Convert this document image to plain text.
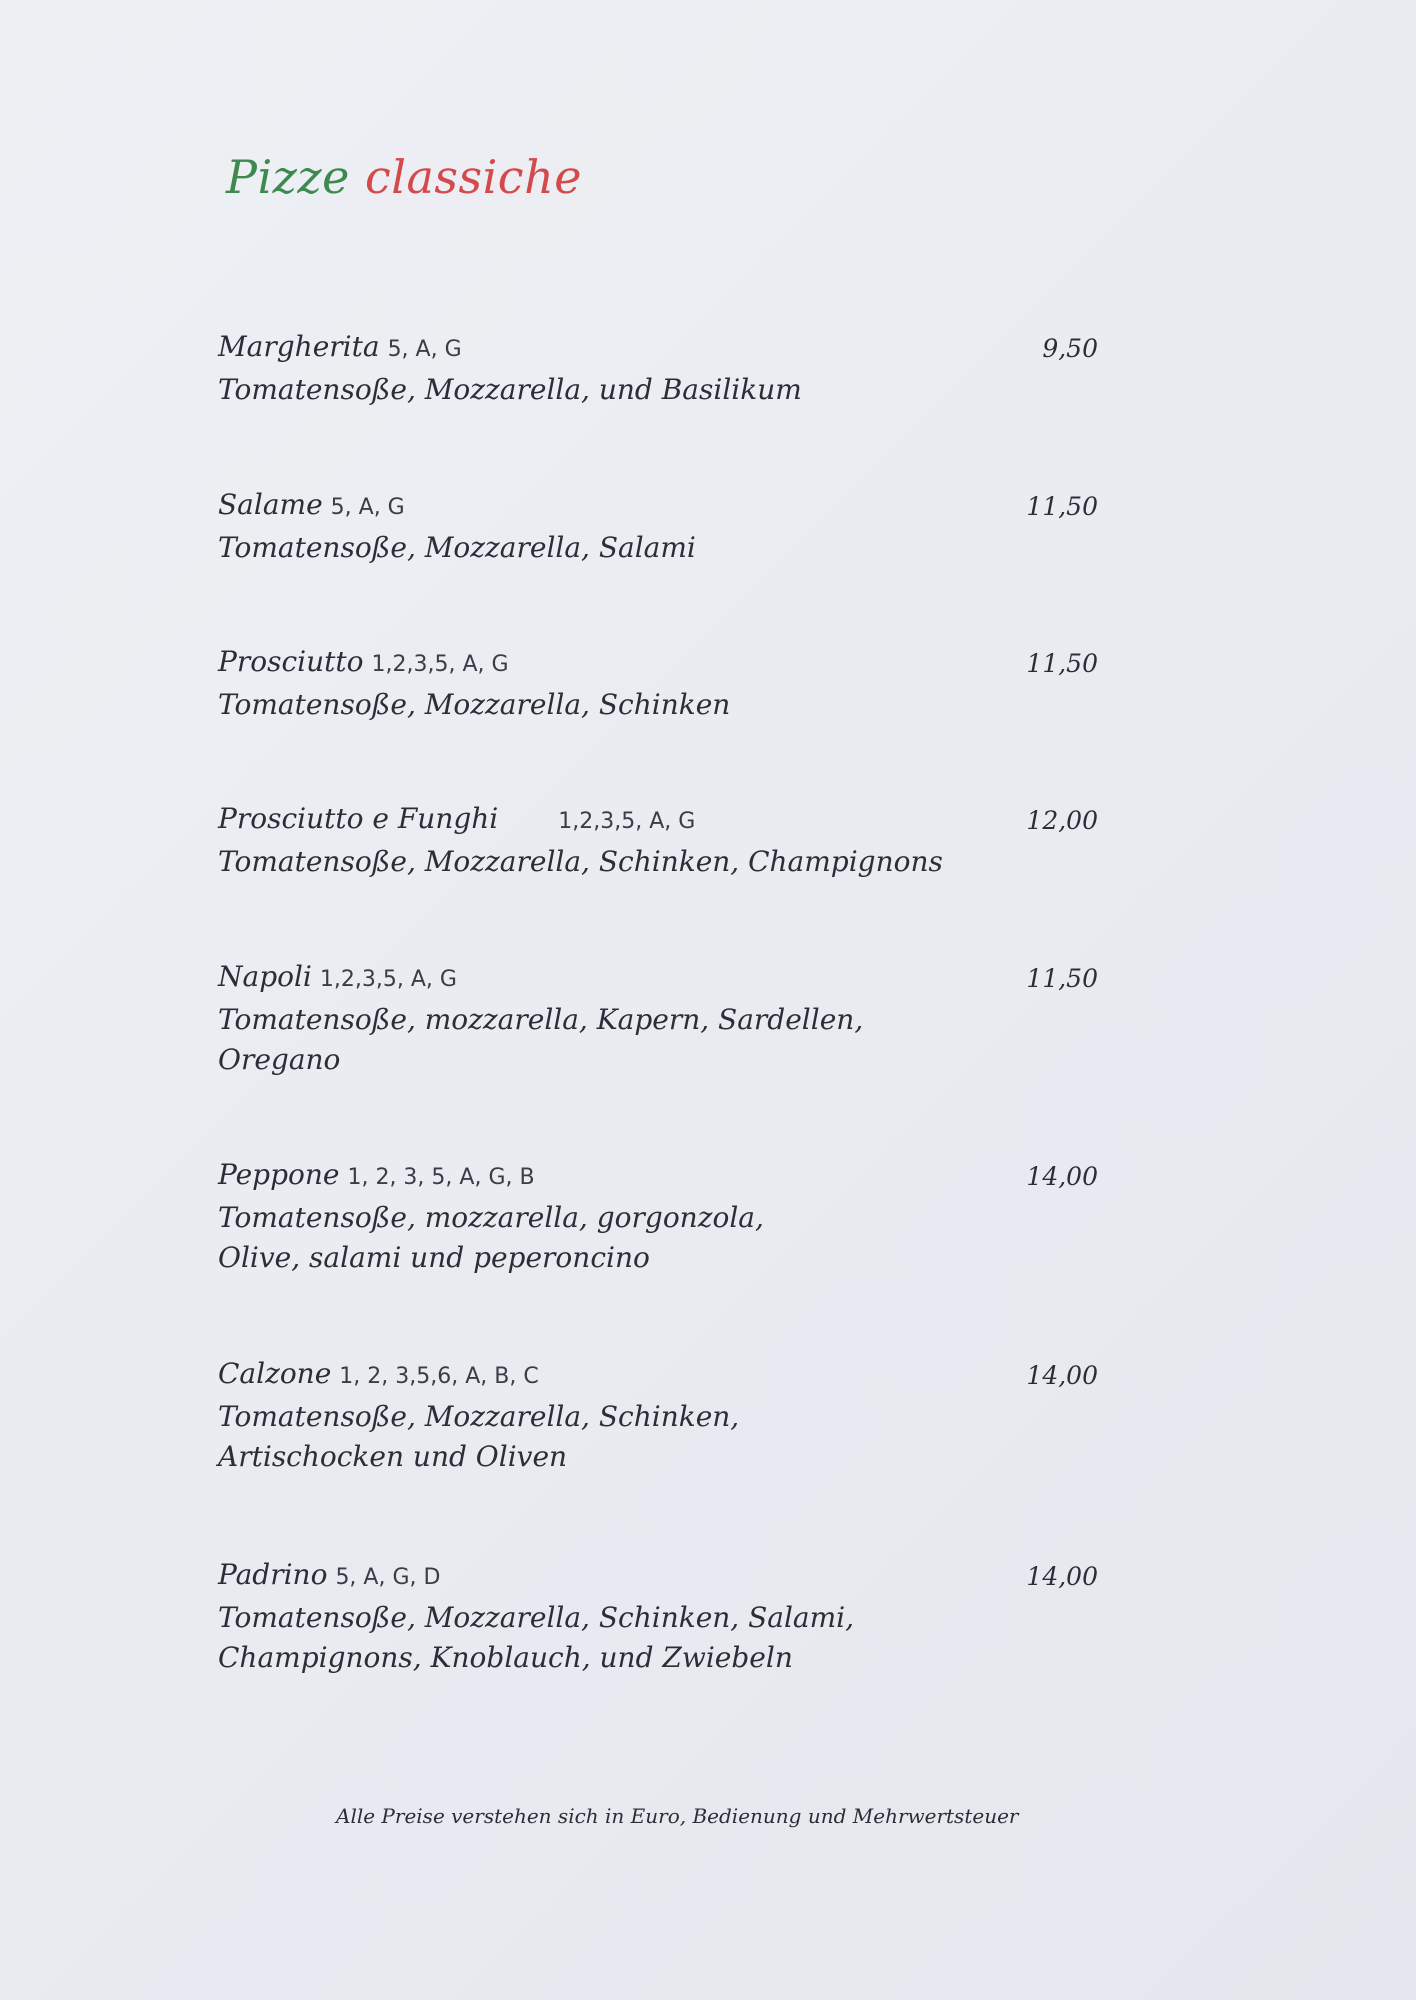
Pizze classiche
Margherita 5, A, G	9,50
Tomatensoße, Mozzarella, und Basilikum
Salame 5, A, G	11,50
Tomatensoße, Mozzarella, Salami
Prosciutto 1,2,3,5, A, G	11,50
Tomatensoße, Mozzarella, Schinken
Prosciutto e Funghi	1,2,3,5, A, G	12,00
Tomatensoße, Mozzarella, Schinken, Champignons
Napoli 1,2,3,5, A, G	11,50
Tomatensoße, mozzarella, Kapern, Sardellen,
Oregano
Peppone 1, 2, 3, 5, A, G, B	14,00
Tomatensoße, mozzarella, gorgonzola,
Olive, salami und peperoncino
Calzone 1, 2, 3,5,6, A, B, C	14,00
Tomatensoße, Mozzarella, Schinken,
Artischocken und Oliven
Padrino 5, A, G, D	14,00
Tomatensoße, Mozzarella, Schinken, Salami,
Champignons, Knoblauch, und Zwiebeln
Alle Preise verstehen sich in Euro, Bedienung und Mehrwertsteuer
